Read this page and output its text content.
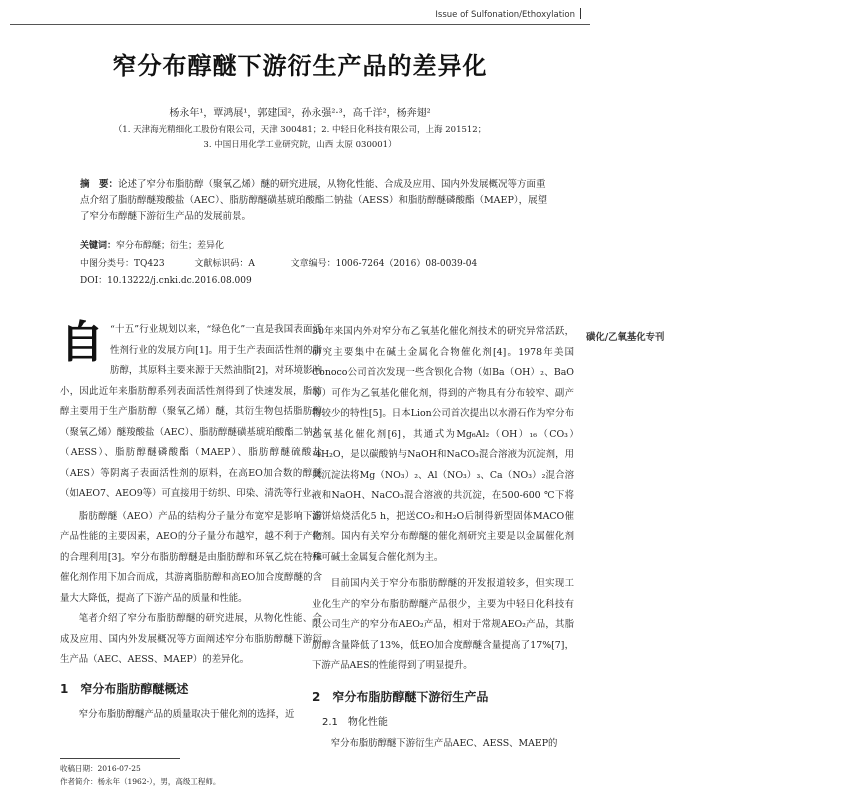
Issue of Sulfonation/Ethoxylation
磺化/乙氧基化专刊
窄分布醇醚下游衍生产品的差异化
杨永年¹，覃鸿展¹，郭建国²，孙永强²·³，高千洋²，杨奔翅²
（1. 天津海光精细化工股份有限公司，天津 300481；2. 中轻日化科技有限公司，上海 201512；
3. 中国日用化学工业研究院，山西 太原 030001）
摘　要：论述了窄分布脂肪醇（聚氧乙烯）醚的研究进展，从物化性能、合成及应用、国内外发展概况等方面重点介绍了脂肪醇醚羧酸盐（AEC）、脂肪醇醚磺基琥珀酸酯二钠盐（AESS）和脂肪醇醚磷酸酯（MAEP），展望了窄分布醇醚下游衍生产品的发展前景。
关键词：窄分布醇醚；衍生；差异化
中图分类号：TQ423	文献标识码：A	文章编号：1006-7264（2016）08-0039-04
DOI：10.13222/j.cnki.dc.2016.08.009

自 “十五”行业规划以来，“绿色化”一直是我国表面活性剂行业的发展方向[1]。用于生产表面活性剂的脂肪醇，其原料主要来源于天然油脂[2]，对环境影响小，因此近年来脂肪醇系列表面活性剂得到了快速发展，脂肪醇主要用于生产脂肪醇（聚氧乙烯）醚，其衍生物包括脂肪醇（聚氧乙烯）醚羧酸盐（AEC）、脂肪醇醚磺基琥珀酸酯二钠盐（AESS）、脂肪醇醚磷酸酯（MAEP）、脂肪醇醚硫酸盐（AES）等阴离子表面活性剂的原料，在高EO加合数的醇醚（如AEO7、AEO9等）可直接用于纺织、印染、清洗等行业。

脂肪醇醚（AEO）产品的结构分子量分布宽窄是影响下游产品性能的主要因素，AEO的分子量分布越窄，越不利于产物的合理利用[3]。窄分布脂肪醇醚是由脂肪醇和环氧乙烷在特殊催化剂作用下加合而成，其游离脂肪醇和高EO加合度醇醚的含量大大降低，提高了下游产品的质量和性能。

笔者介绍了窄分布脂肪醇醚的研究进展，从物化性能、合成及应用、国内外发展概况等方面阐述窄分布脂肪醇醚下游衍生产品（AEC、AESS、MAEP）的差异化。

1　窄分布脂肪醇醚概述

窄分布脂肪醇醚产品的质量取决于催化剂的选择，近

30年来国内外对窄分布乙氧基化催化剂技术的研究异常活跃，研究主要集中在碱土金属化合物催化剂[4]。1978年美国Conoco公司首次发现一些含钡化合物（如Ba（OH）₂、BaO等）可作为乙氧基化催化剂，得到的产物具有分布较窄、副产物较少的特性[5]。日本Lion公司首次提出以水滑石作为窄分布乙氧基化催化剂[6]，其通式为Mg₆Al₂（OH）₁₆（CO₃）·4H₂O，是以碳酸钠与NaOH和NaCO₃混合溶液为沉淀剂，用共沉淀法将Mg（NO₃）₂、Al（NO₃）₃、Ca（NO₃）₂混合溶液和NaOH、NaCO₃混合溶液的共沉淀，在500-600 ℃下将滤饼焙烧活化5 h，把送CO₂和H₂O后制得新型固体MACO催化剂。国内有关窄分布醇醚的催化剂研究主要是以金属催化剂和可碱土金属复合催化剂为主。

目前国内关于窄分布脂肪醇醚的开发报道较多，但实现工业化生产的窄分布脂肪醇醚产品很少，主要为中轻日化科技有限公司生产的窄分布AEO₂产品，相对于常规AEO₂产品，其脂肪醇含量降低了13%，低EO加合度醇醚含量提高了17%[7]，下游产品AES的性能得到了明显提升。

2　窄分布脂肪醇醚下游衍生产品
2.1　物化性能

窄分布脂肪醇醚下游衍生产品AEC、AESS、MAEP的

收稿日期：2016-07-25
作者简介：杨永年（1962-），男，高级工程师。
